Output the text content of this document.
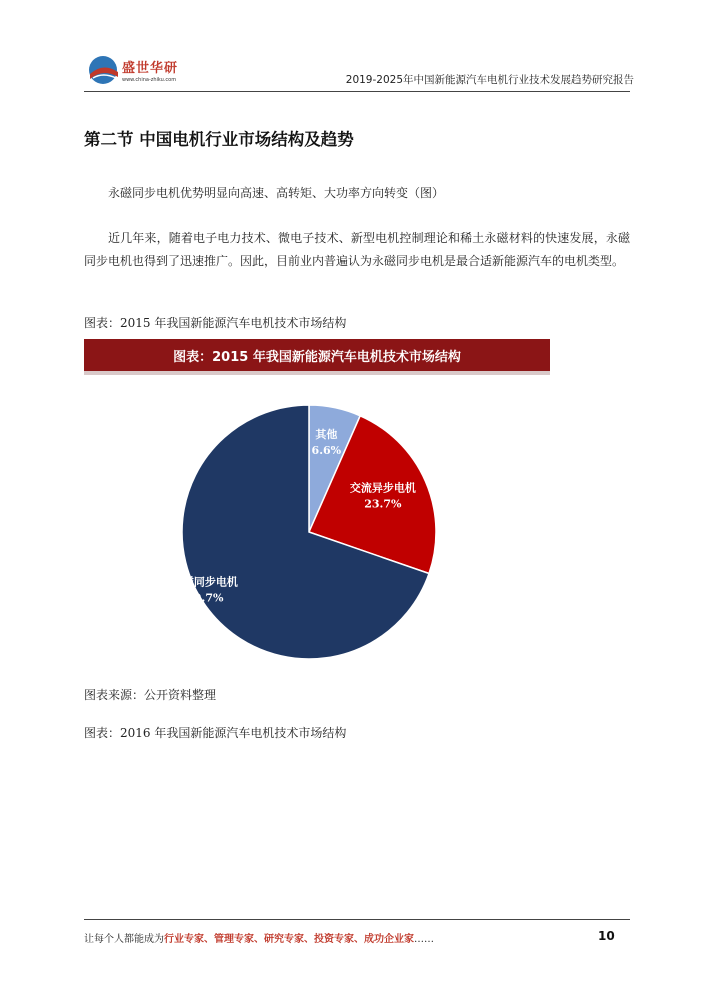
盛世华研
www.china-zhiku.com	2019-2025年中国新能源汽车电机行业技术发展趋势研究报告
第二节 中国电机行业市场结构及趋势
永磁同步电机优势明显向高速、高转矩、大功率方向转变（图）
近几年来，随着电子电力技术、微电子技术、新型电机控制理论和稀土永磁材料的快速发展，永磁同步电机也得到了迅速推广。因此，目前业内普遍认为永磁同步电机是最合适新能源汽车的电机类型。
图表：2015 年我国新能源汽车电机技术市场结构
图表：2015 年我国新能源汽车电机技术市场结构
其他
6.6%
交流异步电机
23.7%
永磁同步电机
69.7%
图表来源：公开资料整理
图表：2016 年我国新能源汽车电机技术市场结构
让每个人都能成为行业专家、管理专家、研究专家、投资专家、成功企业家……	10
